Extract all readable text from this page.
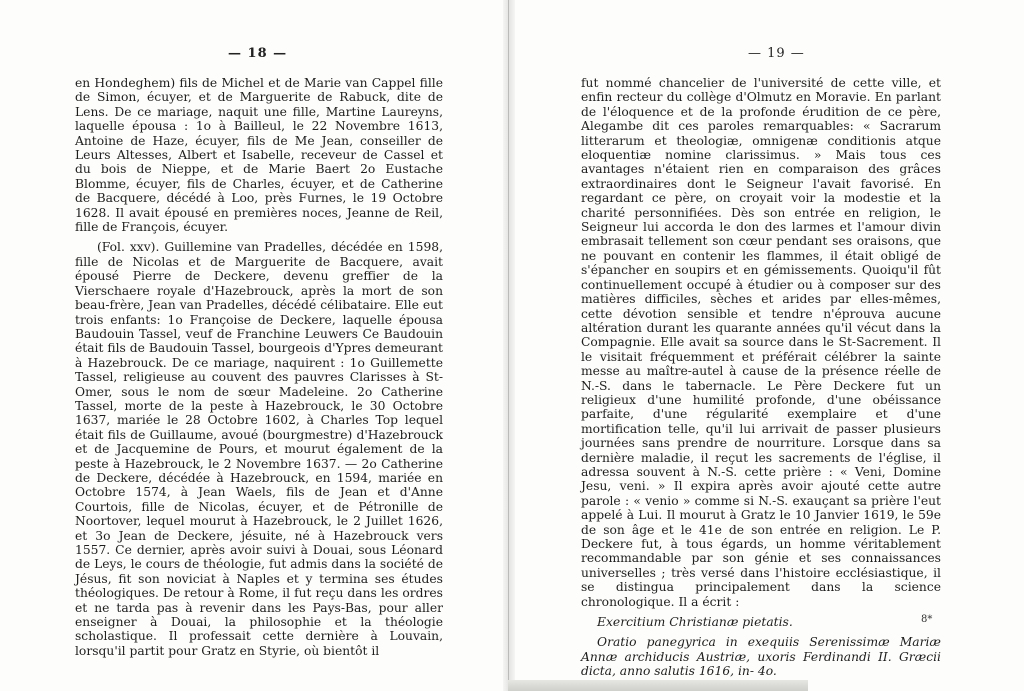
— 18 —

en Hondeghem) fils de Michel et de Marie van Cappel fille de Simon, écuyer, et de Marguerite de Rabuck, dite de Lens. De ce mariage, naquit une fille, Martine Laureyns, laquelle épousa : 1o à Bailleul, le 22 Novembre 1613, Antoine de Haze, écuyer, fils de Me Jean, conseiller de Leurs Altesses, Albert et Isabelle, receveur de Cassel et du bois de Nieppe, et de Marie Baert 2o Eustache Blomme, écuyer, fils de Charles, écuyer, et de Catherine de Bacquere, décédé à Loo, près Furnes, le 19 Octobre 1628. Il avait épousé en premières noces, Jeanne de Reil, fille de François, écuyer.

(Fol. xxv). Guillemine van Pradelles, décédée en 1598, fille de Nicolas et de Marguerite de Bacquere, avait épousé Pierre de Deckere, devenu greffier de la Vierschaere royale d'Hazebrouck, après la mort de son beau-frère, Jean van Pradelles, décédé célibataire. Elle eut trois enfants: 1o Françoise de Deckere, laquelle épousa Baudouin Tassel, veuf de Franchine Leuwers Ce Baudouin était fils de Baudouin Tassel, bourgeois d'Ypres demeurant à Hazebrouck. De ce mariage, naquirent : 1o Guillemette Tassel, religieuse au couvent des pauvres Clarisses à St-Omer, sous le nom de sœur Madeleine. 2o Catherine Tassel, morte de la peste à Hazebrouck, le 30 Octobre 1637, mariée le 28 Octobre 1602, à Charles Top lequel était fils de Guillaume, avoué (bourgmestre) d'Hazebrouck et de Jacquemine de Pours, et mourut également de la peste à Hazebrouck, le 2 Novembre 1637. — 2o Catherine de Deckere, décédée à Hazebrouck, en 1594, mariée en Octobre 1574, à Jean Waels, fils de Jean et d'Anne Courtois, fille de Nicolas, écuyer, et de Pétronille de Noortover, lequel mourut à Hazebrouck, le 2 Juillet 1626, et 3o Jean de Deckere, jésuite, né à Hazebrouck vers 1557. Ce dernier, après avoir suivi à Douai, sous Léonard de Leys, le cours de théologie, fut admis dans la société de Jésus, fit son noviciat à Naples et y termina ses études théologiques. De retour à Rome, il fut reçu dans les ordres et ne tarda pas à revenir dans les Pays-Bas, pour aller enseigner à Douai, la philosophie et la théologie scholastique. Il professait cette dernière à Louvain, lorsqu'il partit pour Gratz en Styrie, où bientôt il

— 19 —

fut nommé chancelier de l'université de cette ville, et enfin recteur du collège d'Olmutz en Moravie. En parlant de l'éloquence et de la profonde érudition de ce père, Alegambe dit ces paroles remarquables: « Sacrarum litterarum et theologiæ, omnigenæ conditionis atque eloquentiæ nomine clarissimus. » Mais tous ces avantages n'étaient rien en comparaison des grâces extraordinaires dont le Seigneur l'avait favorisé. En regardant ce père, on croyait voir la modestie et la charité personnifiées. Dès son entrée en religion, le Seigneur lui accorda le don des larmes et l'amour divin embrasait tellement son cœur pendant ses oraisons, que ne pouvant en contenir les flammes, il était obligé de s'épancher en soupirs et en gémissements. Quoiqu'il fût continuellement occupé à étudier ou à composer sur des matières difficiles, sèches et arides par elles-mêmes, cette dévotion sensible et tendre n'éprouva aucune altération durant les quarante années qu'il vécut dans la Compagnie. Elle avait sa source dans le St-Sacrement. Il le visitait fréquemment et préférait célébrer la sainte messe au maître-autel à cause de la présence réelle de N.-S. dans le tabernacle. Le Père Deckere fut un religieux d'une humilité profonde, d'une obéissance parfaite, d'une régularité exemplaire et d'une mortification telle, qu'il lui arrivait de passer plusieurs journées sans prendre de nourriture. Lorsque dans sa dernière maladie, il reçut les sacrements de l'église, il adressa souvent à N.-S. cette prière : « Veni, Domine Jesu, veni. » Il expira après avoir ajouté cette autre parole : « venio » comme si N.-S. exauçant sa prière l'eut appelé à Lui. Il mourut à Gratz le 10 Janvier 1619, le 59e de son âge et le 41e de son entrée en religion. Le P. Deckere fut, à tous égards, un homme véritablement recommandable par son génie et ses connaissances universelles ; très versé dans l'histoire ecclésiastique, il se distingua principalement dans la science chronologique. Il a écrit :

Exercitium Christianæ pietatis.

Oratio panegyrica in exequiis Serenissimæ Mariæ Annæ archiducis Austriæ, uxoris Ferdinandi II. Græcii dicta, anno salutis 1616, in- 4o.

8*
